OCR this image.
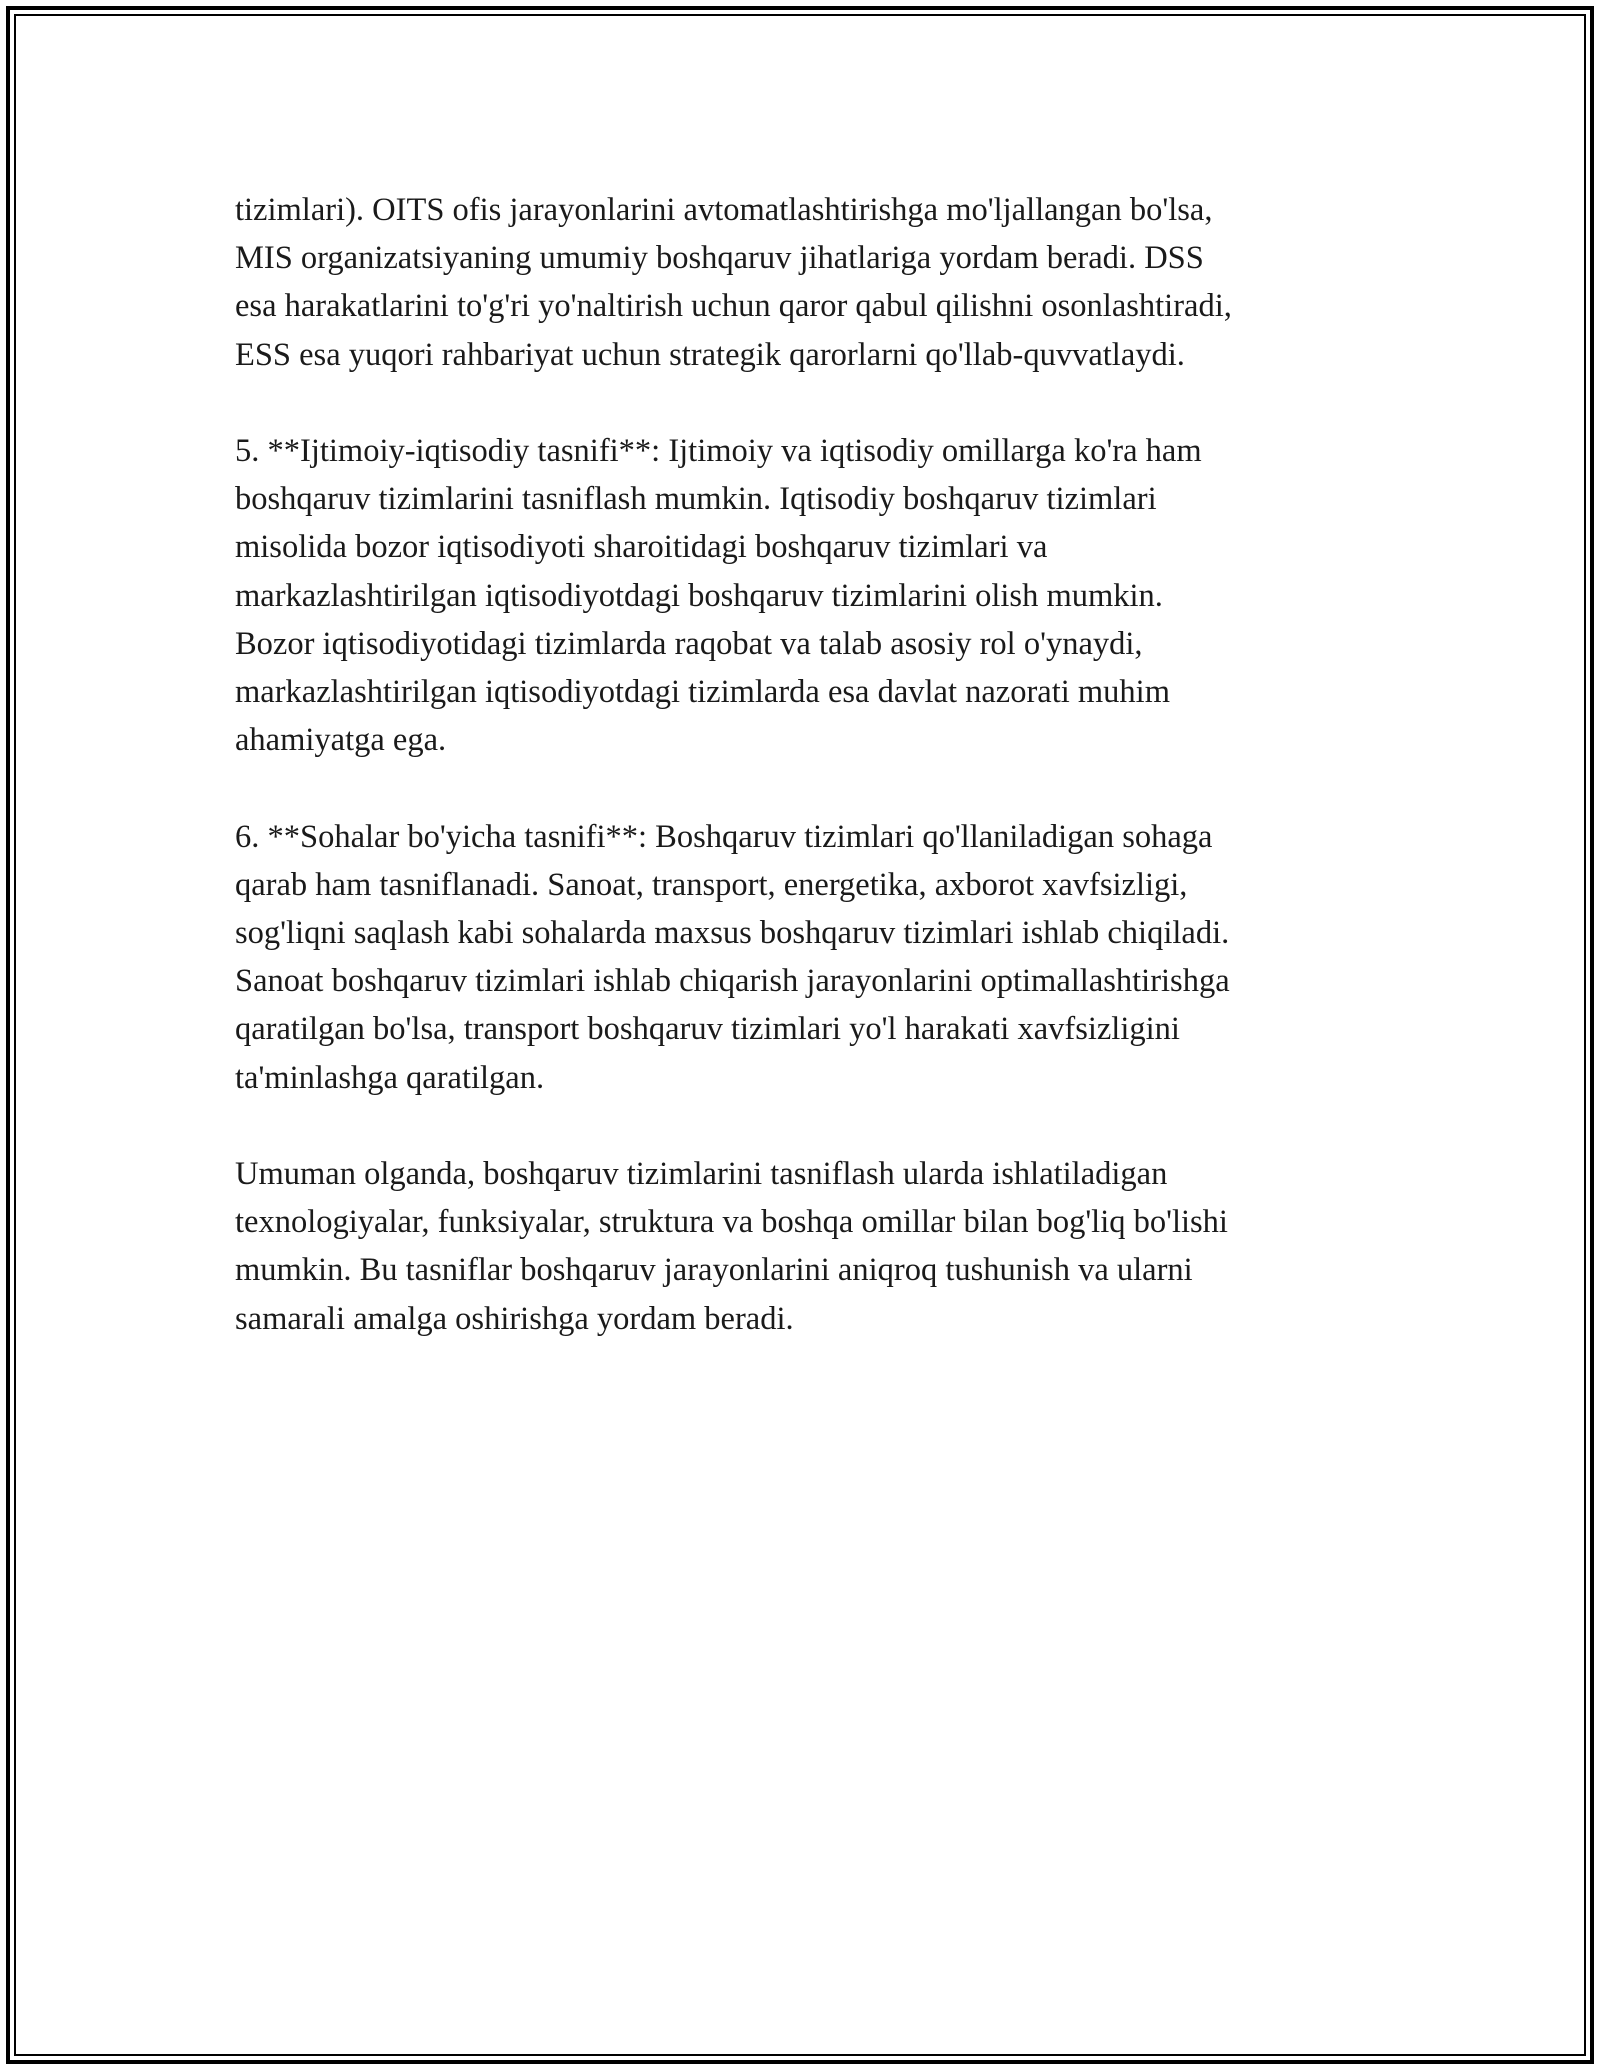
tizimlari). OITS ofis jarayonlarini avtomatlashtirishga mo'ljallangan bo'lsa,
MIS organizatsiyaning umumiy boshqaruv jihatlariga yordam beradi. DSS
esa harakatlarini to'g'ri yo'naltirish uchun qaror qabul qilishni osonlashtiradi,
ESS esa yuqori rahbariyat uchun strategik qarorlarni qo'llab-quvvatlaydi.

5. **Ijtimoiy-iqtisodiy tasnifi**: Ijtimoiy va iqtisodiy omillarga ko'ra ham
boshqaruv tizimlarini tasniflash mumkin. Iqtisodiy boshqaruv tizimlari
misolida bozor iqtisodiyoti sharoitidagi boshqaruv tizimlari va
markazlashtirilgan iqtisodiyotdagi boshqaruv tizimlarini olish mumkin.
Bozor iqtisodiyotidagi tizimlarda raqobat va talab asosiy rol o'ynaydi,
markazlashtirilgan iqtisodiyotdagi tizimlarda esa davlat nazorati muhim
ahamiyatga ega.

6. **Sohalar bo'yicha tasnifi**: Boshqaruv tizimlari qo'llaniladigan sohaga
qarab ham tasniflanadi. Sanoat, transport, energetika, axborot xavfsizligi,
sog'liqni saqlash kabi sohalarda maxsus boshqaruv tizimlari ishlab chiqiladi.
Sanoat boshqaruv tizimlari ishlab chiqarish jarayonlarini optimallashtirishga
qaratilgan bo'lsa, transport boshqaruv tizimlari yo'l harakati xavfsizligini
ta'minlashga qaratilgan.

Umuman olganda, boshqaruv tizimlarini tasniflash ularda ishlatiladigan
texnologiyalar, funksiyalar, struktura va boshqa omillar bilan bog'liq bo'lishi
mumkin. Bu tasniflar boshqaruv jarayonlarini aniqroq tushunish va ularni
samarali amalga oshirishga yordam beradi.
